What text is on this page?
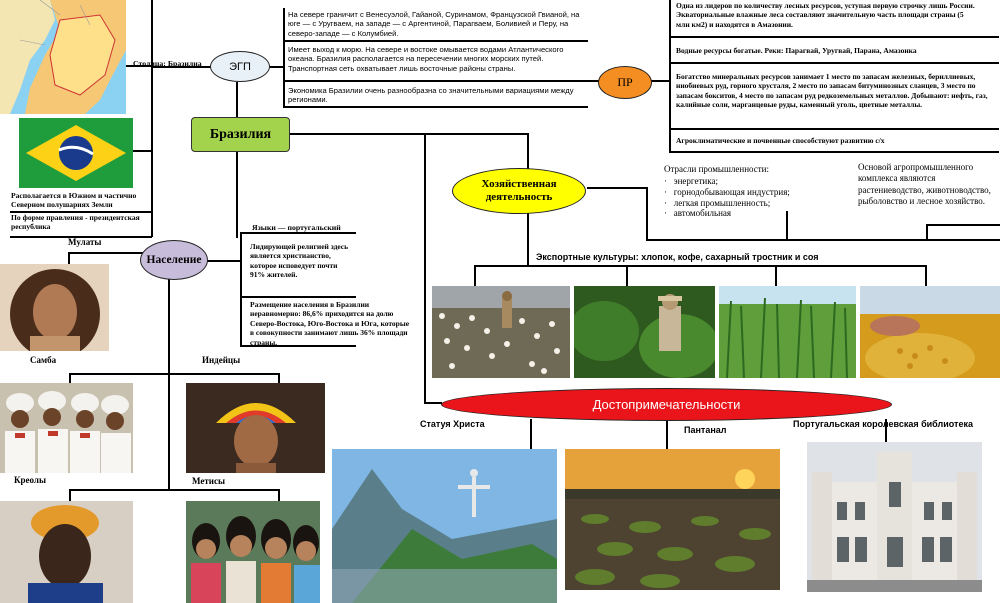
Столица: Бразилиа
Располагается в Южном и частично Северном полушариях Земли
По форме правления - президентская республика
ЭГП
Бразилия
ПР
Хозяйственная деятельность
Население
Достопримечательности
На севере граничит с Венесуэлой, Гайаной, Суринамом, Французской Гвианой, на юге — с Уругваем, на западе — с Аргентиной, Парагваем, Боливией и Перу, на северо-западе — с Колумбией.
Имеет выход к морю. На севере и востоке омывается водами Атлантического океана. Бразилия располагается на пересечении многих морских путей. Транспортная сеть охватывает лишь восточные районы страны.
Экономика Бразилии очень разнообразна со значительными вариациями между регионами.
Одна из лидеров по количеству лесных ресурсов, уступая первую строчку лишь России. Экваториальные влажные леса составляют значительную часть площади страны (5 млн км2) и находятся в Амазонии.
Водные ресурсы богатые. Реки: Парагвай, Уругвай, Парана, Амазонка
Богатство минеральных ресурсов занимает 1 место по запасам железных, бериллиевых, ниобиевых руд, горного хрусталя, 2 место по запасам битуминозных сланцев, 3 место по запасам бокситов, 4 место по запасам руд редкоземельных металлов. Добывают: нефть, газ, калийные соли, марганцевые руды, каменный уголь, цветные металлы.
Агроклиматические и почвенные способствуют развитию с/х
Отрасли промышленности:
·   энергетика;
·   горнодобывающая индустрия;
·   легкая промышленность;
·   автомобильная
Основой агропромышленного комплекса являются растениеводство, животноводство, рыболовство и лесное хозяйство.
Экспортные культуры: хлопок, кофе, сахарный тростник и соя
Языки — португальский
Лидирующей религией здесь является христианство, которое исповедует почти 91% жителей.
Размещение населения в Бразилии неравномерно: 86,6% приходится на долю Северо-Востока, Юго-Востока и Юга, которые в совокупности занимают лишь 36% площади страны.
Мулаты
Самба	Индейцы
Креолы	Метисы
Статуя Христа
Пантанал
Португальская королевская библиотека
